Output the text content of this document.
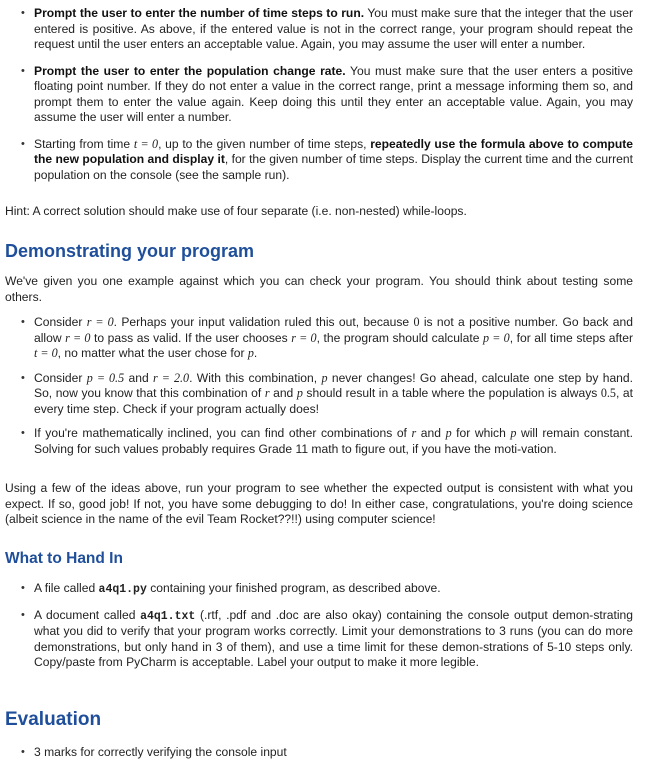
• Prompt the user to enter the number of time steps to run. You must make sure that the integer that the user entered is positive. As above, if the entered value is not in the correct range, your program should repeat the request until the user enters an acceptable value. Again, you may assume the user will enter a number.
• Prompt the user to enter the population change rate. You must make sure that the user enters a positive floating point number. If they do not enter a value in the correct range, print a message informing them so, and prompt them to enter the value again. Keep doing this until they enter an acceptable value. Again, you may assume the user will enter a number.
• Starting from time t = 0, up to the given number of time steps, repeatedly use the formula above to compute the new population and display it, for the given number of time steps. Display the current time and the current population on the console (see the sample run).

Hint: A correct solution should make use of four separate (i.e. non-nested) while-loops.

Demonstrating your program

We've given you one example against which you can check your program. You should think about testing some others.

• Consider r = 0. Perhaps your input validation ruled this out, because 0 is not a positive number. Go back and allow r = 0 to pass as valid. If the user chooses r = 0, the program should calculate p = 0, for all time steps after t = 0, no matter what the user chose for p.
• Consider p = 0.5 and r = 2.0. With this combination, p never changes! Go ahead, calculate one step by hand. So, now you know that this combination of r and p should result in a table where the population is always 0.5, at every time step. Check if your program actually does!
• If you're mathematically inclined, you can find other combinations of r and p for which p will remain constant. Solving for such values probably requires Grade 11 math to figure out, if you have the moti-vation.

Using a few of the ideas above, run your program to see whether the expected output is consistent with what you expect. If so, good job! If not, you have some debugging to do! In either case, congratulations, you're doing science (albeit science in the name of the evil Team Rocket??!!) using computer science!

What to Hand In
• A file called a4q1.py containing your finished program, as described above.
• A document called a4q1.txt (.rtf, .pdf and .doc are also okay) containing the console output demon-strating what you did to verify that your program works correctly. Limit your demonstrations to 3 runs (you can do more demonstrations, but only hand in 3 of them), and use a time limit for these demon-strations of 5-10 steps only. Copy/paste from PyCharm is acceptable. Label your output to make it more legible.
Evaluation
• 3 marks for correctly verifying the console input
